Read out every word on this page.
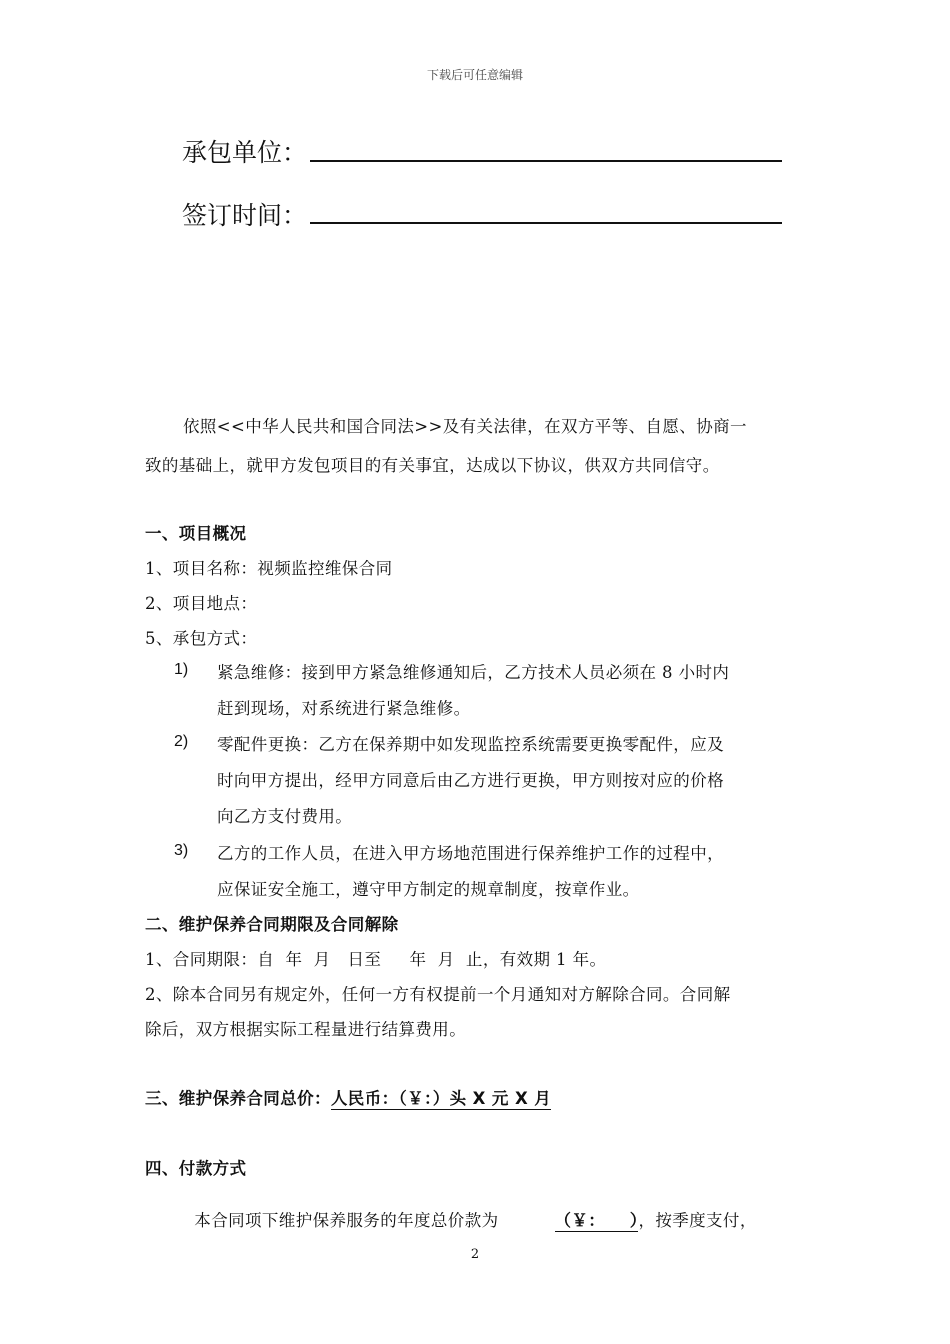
下载后可任意编辑
承包单位：
签订时间：
依照<<中华人民共和国合同法>>及有关法律，在双方平等、自愿、协商一
致的基础上，就甲方发包项目的有关事宜，达成以下协议，供双方共同信守。
一、项目概况
1、项目名称：视频监控维保合同
2、项目地点：
5、承包方式：
1) 紧急维修：接到甲方紧急维修通知后，乙方技术人员必须在 8 小时内
赶到现场，对系统进行紧急维修。
2) 零配件更换：乙方在保养期中如发现监控系统需要更换零配件，应及
时向甲方提出，经甲方同意后由乙方进行更换，甲方则按对应的价格
向乙方支付费用。
3) 乙方的工作人员，在进入甲方场地范围进行保养维护工作的过程中，
应保证安全施工，遵守甲方制定的规章制度，按章作业。
二、维护保养合同期限及合同解除
1、合同期限：自  年  月   日至     年  月  止，有效期 1 年。
2、除本合同另有规定外，任何一方有权提前一个月通知对方解除合同。合同解
除后，双方根据实际工程量进行结算费用。
三、维护保养合同总价：人民币：（￥：）头 X 元 X 月
四、付款方式

本合同项下维护保养服务的年度总价款为	（￥：    ），按季度支付，

2
